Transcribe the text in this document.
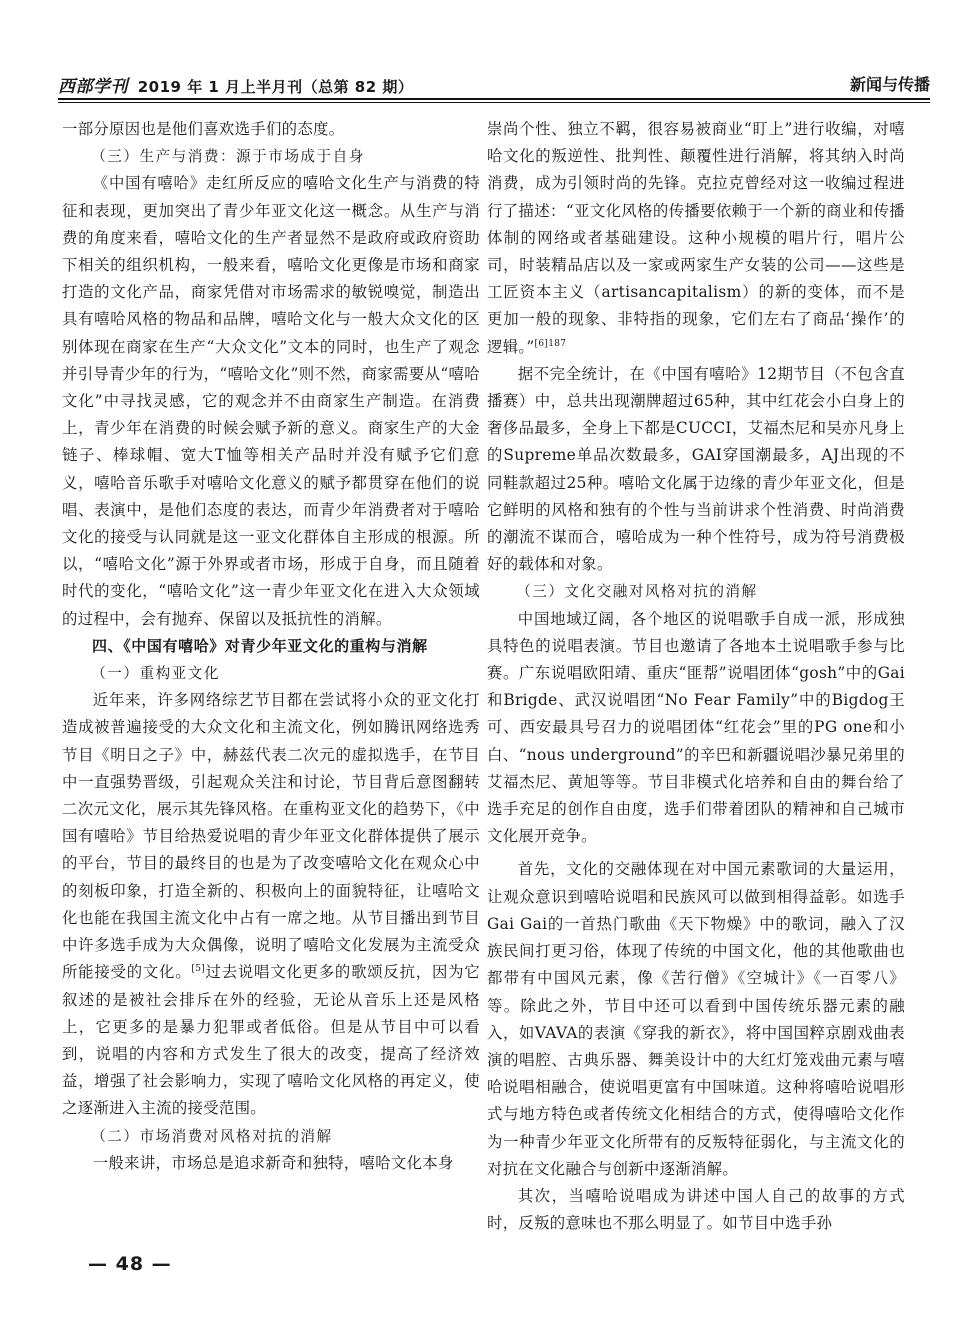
西部学刊 2019 年 1 月上半月刊（总第 82 期）	新闻与传播

一部分原因也是他们喜欢选手们的态度。

（三）生产与消费：源于市场成于自身

《中国有嘻哈》走红所反应的嘻哈文化生产与消费的特征和表现，更加突出了青少年亚文化这一概念。从生产与消费的角度来看，嘻哈文化的生产者显然不是政府或政府资助下相关的组织机构，一般来看，嘻哈文化更像是市场和商家打造的文化产品，商家凭借对市场需求的敏锐嗅觉，制造出具有嘻哈风格的物品和品牌，嘻哈文化与一般大众文化的区别体现在商家在生产“大众文化”文本的同时，也生产了观念并引导青少年的行为，“嘻哈文化”则不然，商家需要从“嘻哈文化”中寻找灵感，它的观念并不由商家生产制造。在消费上，青少年在消费的时候会赋予新的意义。商家生产的大金链子、棒球帽、宽大T恤等相关产品时并没有赋予它们意义，嘻哈音乐歌手对嘻哈文化意义的赋予都贯穿在他们的说唱、表演中，是他们态度的表达，而青少年消费者对于嘻哈文化的接受与认同就是这一亚文化群体自主形成的根源。所以，“嘻哈文化”源于外界或者市场，形成于自身，而且随着时代的变化，“嘻哈文化”这一青少年亚文化在进入大众领域的过程中，会有抛弃、保留以及抵抗性的消解。

四、《中国有嘻哈》对青少年亚文化的重构与消解

（一）重构亚文化

近年来，许多网络综艺节目都在尝试将小众的亚文化打造成被普遍接受的大众文化和主流文化，例如腾讯网络选秀节目《明日之子》中，赫兹代表二次元的虚拟选手，在节目中一直强势晋级，引起观众关注和讨论，节目背后意图翻转二次元文化，展示其先锋风格。在重构亚文化的趋势下，《中国有嘻哈》节目给热爱说唱的青少年亚文化群体提供了展示的平台，节目的最终目的也是为了改变嘻哈文化在观众心中的刻板印象，打造全新的、积极向上的面貌特征，让嘻哈文化也能在我国主流文化中占有一席之地。从节目播出到节目中许多选手成为大众偶像，说明了嘻哈文化发展为主流受众所能接受的文化。[5]过去说唱文化更多的歌颂反抗，因为它叙述的是被社会排斥在外的经验，无论从音乐上还是风格上，它更多的是暴力犯罪或者低俗。但是从节目中可以看到，说唱的内容和方式发生了很大的改变，提高了经济效益，增强了社会影响力，实现了嘻哈文化风格的再定义，使之逐渐进入主流的接受范围。

（二）市场消费对风格对抗的消解

一般来讲，市场总是追求新奇和独特，嘻哈文化本身

崇尚个性、独立不羁，很容易被商业“盯上”进行收编，对嘻哈文化的叛逆性、批判性、颠覆性进行消解，将其纳入时尚消费，成为引领时尚的先锋。克拉克曾经对这一收编过程进行了描述：“亚文化风格的传播要依赖于一个新的商业和传播体制的网络或者基础建设。这种小规模的唱片行，唱片公司，时装精品店以及一家或两家生产女装的公司——这些是工匠资本主义（artisancapitalism）的新的变体，而不是更加一般的现象、非特指的现象，它们左右了商品‘操作’的逻辑。”$^{[6]187}$

据不完全统计，在《中国有嘻哈》12期节目（不包含直播赛）中，总共出现潮牌超过65种，其中红花会小白身上的奢侈品最多，全身上下都是CUCCI，艾福杰尼和吴亦凡身上的Supreme单品次数最多，GAI穿国潮最多，AJ出现的不同鞋款超过25种。嘻哈文化属于边缘的青少年亚文化，但是它鲜明的风格和独有的个性与当前讲求个性消费、时尚消费的潮流不谋而合，嘻哈成为一种个性符号，成为符号消费极好的载体和对象。

（三）文化交融对风格对抗的消解

中国地域辽阔，各个地区的说唱歌手自成一派，形成独具特色的说唱表演。节目也邀请了各地本土说唱歌手参与比赛。广东说唱欧阳靖、重庆“匪帮”说唱团体“gosh”中的Gai和Brigde、武汉说唱团“No Fear Family”中的Bigdog王可、西安最具号召力的说唱团体“红花会”里的PG one和小白、“nous underground”的辛巴和新疆说唱沙暴兄弟里的艾福杰尼、黄旭等等。节目非模式化培养和自由的舞台给了选手充足的创作自由度，选手们带着团队的精神和自己城市文化展开竞争。

首先，文化的交融体现在对中国元素歌词的大量运用，让观众意识到嘻哈说唱和民族风可以做到相得益彰。如选手Gai Gai的一首热门歌曲《天下物燥》中的歌词，融入了汉族民间打更习俗，体现了传统的中国文化，他的其他歌曲也都带有中国风元素，像《苦行僧》《空城计》《一百零八》等。除此之外，节目中还可以看到中国传统乐器元素的融入，如VAVA的表演《穿我的新衣》，将中国国粹京剧戏曲表演的唱腔、古典乐器、舞美设计中的大红灯笼戏曲元素与嘻哈说唱相融合，使说唱更富有中国味道。这种将嘻哈说唱形式与地方特色或者传统文化相结合的方式，使得嘻哈文化作为一种青少年亚文化所带有的反叛特征弱化，与主流文化的对抗在文化融合与创新中逐渐消解。

其次，当嘻哈说唱成为讲述中国人自己的故事的方式时，反叛的意味也不那么明显了。如节目中选手孙

— 48 —
